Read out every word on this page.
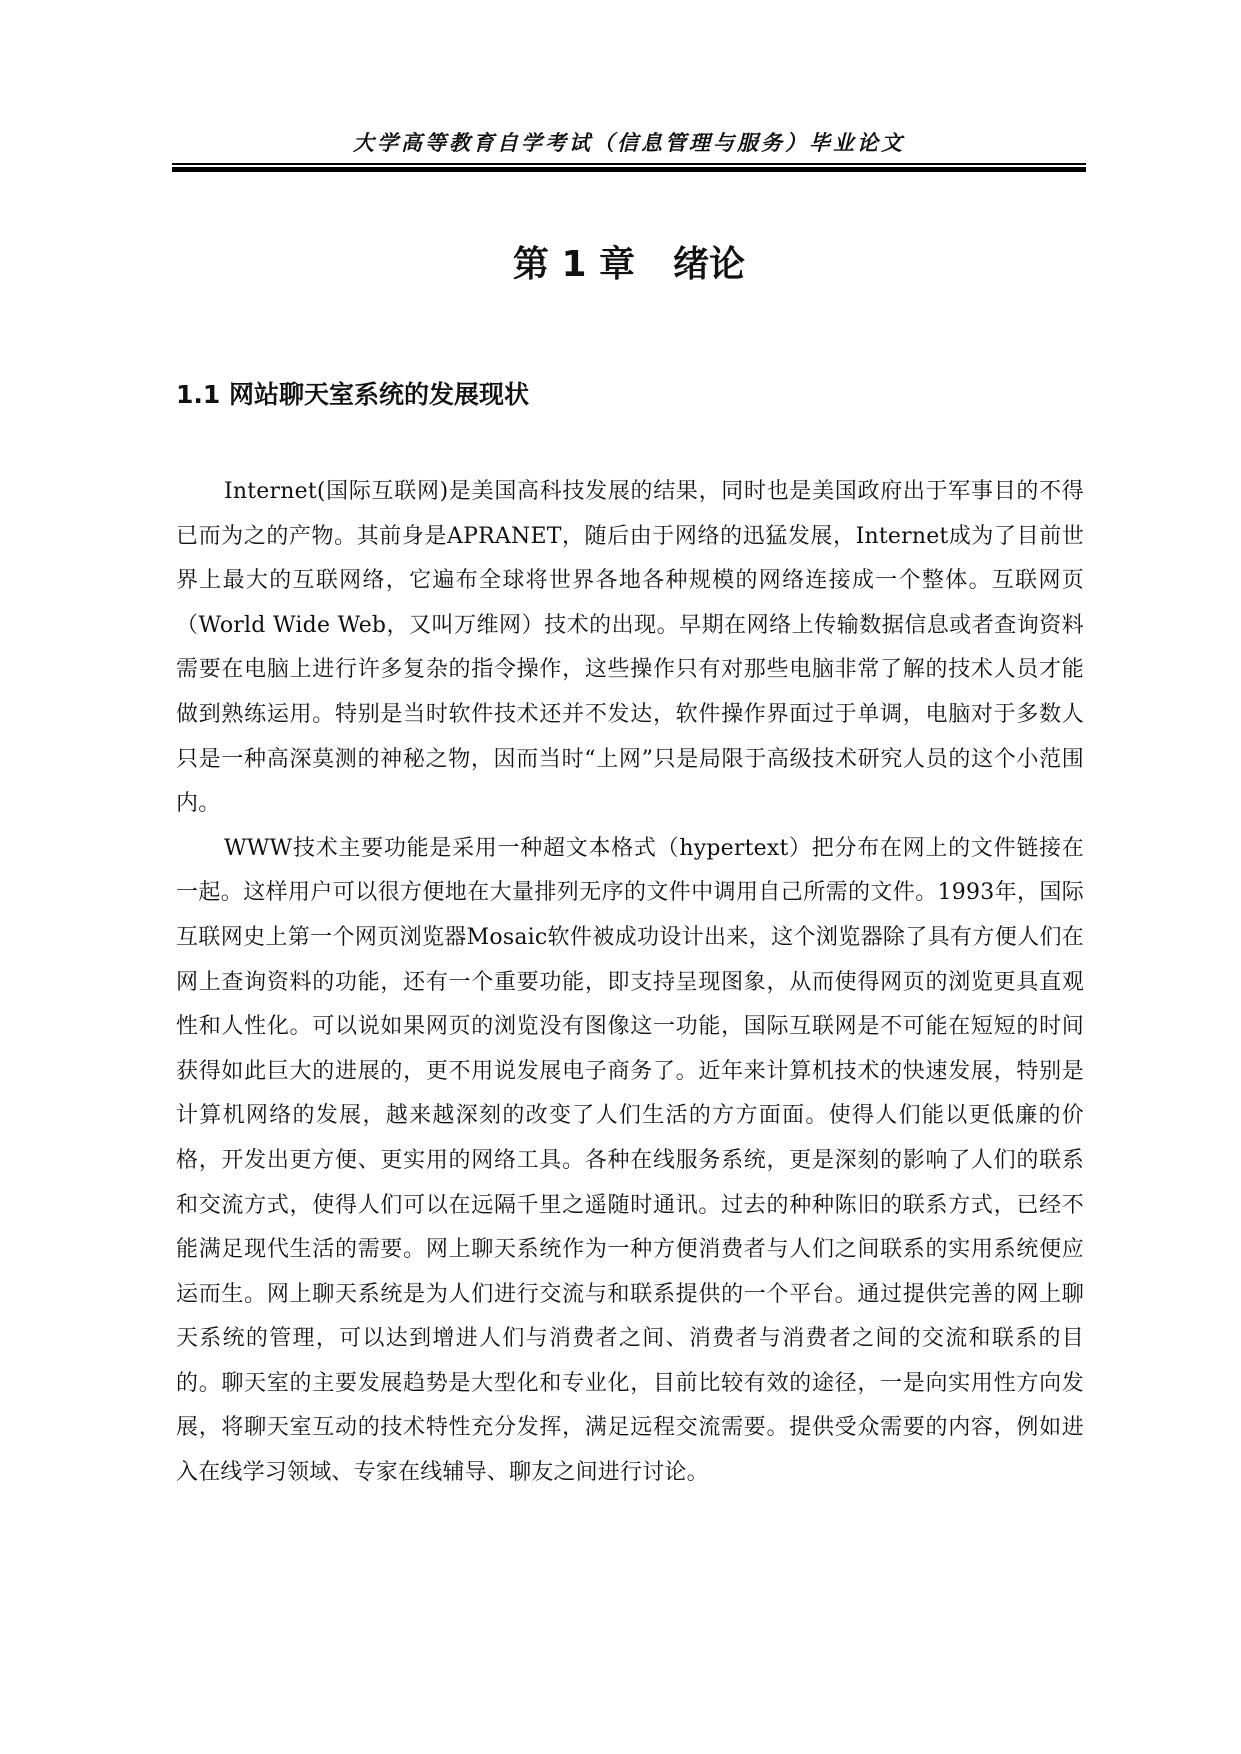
大学高等教育自学考试（信息管理与服务）毕业论文
第 1 章 绪论
1.1 网站聊天室系统的发展现状

Internet(国际互联网)是美国高科技发展的结果，同时也是美国政府出于军事目的不得已而为之的产物。其前身是APRANET，随后由于网络的迅猛发展，Internet成为了目前世界上最大的互联网络，它遍布全球将世界各地各种规模的网络连接成一个整体。互联网页（World Wide Web，又叫万维网）技术的出现。早期在网络上传输数据信息或者查询资料需要在电脑上进行许多复杂的指令操作，这些操作只有对那些电脑非常了解的技术人员才能做到熟练运用。特别是当时软件技术还并不发达，软件操作界面过于单调，电脑对于多数人只是一种高深莫测的神秘之物，因而当时“上网”只是局限于高级技术研究人员的这个小范围内。

WWW技术主要功能是采用一种超文本格式（hypertext）把分布在网上的文件链接在一起。这样用户可以很方便地在大量排列无序的文件中调用自己所需的文件。1993年，国际互联网史上第一个网页浏览器Mosaic软件被成功设计出来，这个浏览器除了具有方便人们在网上查询资料的功能，还有一个重要功能，即支持呈现图象，从而使得网页的浏览更具直观性和人性化。可以说如果网页的浏览没有图像这一功能，国际互联网是不可能在短短的时间获得如此巨大的进展的，更不用说发展电子商务了。近年来计算机技术的快速发展，特别是计算机网络的发展，越来越深刻的改变了人们生活的方方面面。使得人们能以更低廉的价格，开发出更方便、更实用的网络工具。各种在线服务系统，更是深刻的影响了人们的联系和交流方式，使得人们可以在远隔千里之遥随时通讯。过去的种种陈旧的联系方式，已经不能满足现代生活的需要。网上聊天系统作为一种方便消费者与人们之间联系的实用系统便应运而生。网上聊天系统是为人们进行交流与和联系提供的一个平台。通过提供完善的网上聊天系统的管理，可以达到增进人们与消费者之间、消费者与消费者之间的交流和联系的目的。聊天室的主要发展趋势是大型化和专业化，目前比较有效的途径，一是向实用性方向发展，将聊天室互动的技术特性充分发挥，满足远程交流需要。提供受众需要的内容，例如进入在线学习领域、专家在线辅导、聊友之间进行讨论。
